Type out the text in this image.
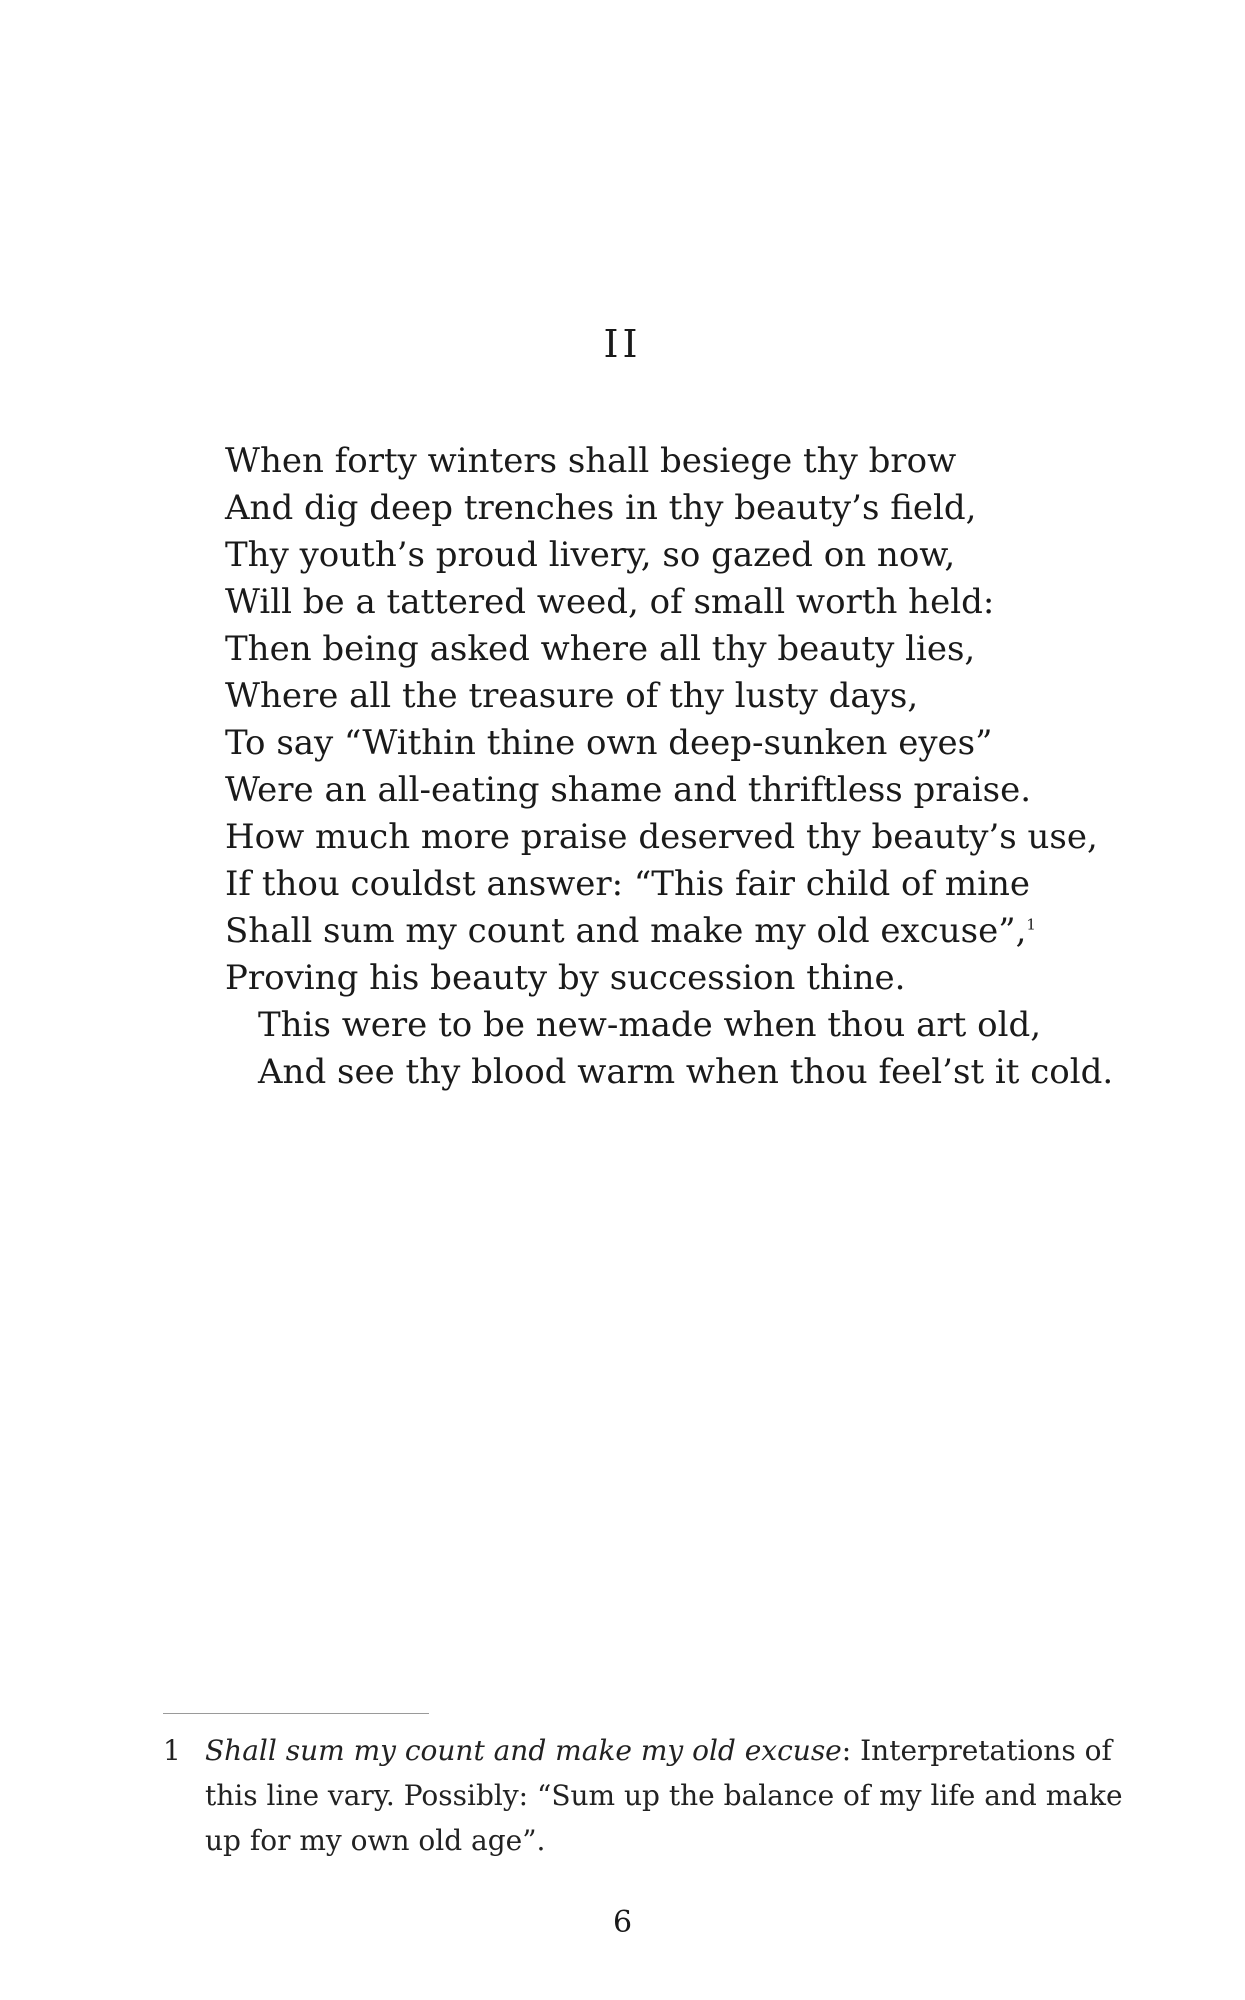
II
When forty winters shall besiege thy brow
And dig deep trenches in thy beauty’s field,
Thy youth’s proud livery, so gazed on now,
Will be a tattered weed, of small worth held:
Then being asked where all thy beauty lies,
Where all the treasure of thy lusty days,
To say “Within thine own deep-sunken eyes”
Were an all-eating shame and thriftless praise.
How much more praise deserved thy beauty’s use,
If thou couldst answer: “This fair child of mine
Shall sum my count and make my old excuse”,$^1$
Proving his beauty by succession thine.
This were to be new-made when thou art old,
And see thy blood warm when thou feel’st it cold.
1 Shall sum my count and make my old excuse: Interpretations of this line vary. Possibly: “Sum up the balance of my life and make up for my own old age”.
6
